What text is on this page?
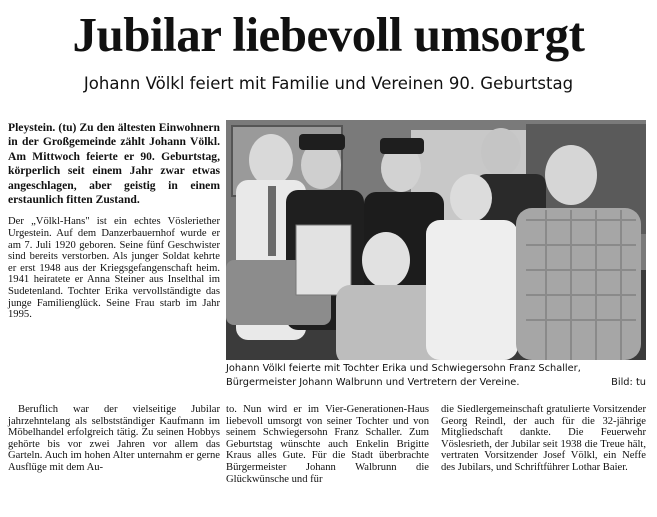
Jubilar liebevoll umsorgt
Johann Völkl feiert mit Familie und Vereinen 90. Geburtstag

Pleystein. (tu) Zu den ältesten Einwohnern in der Großgemeinde zählt Johann Völkl. Am Mittwoch feierte er 90. Geburtstag, körperlich seit einem Jahr zwar etwas angeschlagen, aber geistig in einem erstaunlich fitten Zustand.

Der „Völkl-Hans" ist ein echtes Vösleriether Urgestein. Auf dem Danzerbauernhof wurde er am 7. Juli 1920 geboren. Seine fünf Geschwister sind bereits verstorben. Als junger Soldat kehrte er erst 1948 aus der Kriegsgefangenschaft heim. 1941 heiratete er Anna Steiner aus Inselthal im Sudetenland. Tochter Erika vervollständigte das junge Familienglück. Seine Frau starb im Jahr 1995.

Johann Völkl feierte mit Tochter Erika und Schwiegersohn Franz Schaller, Bürgermeister Johann Walbrunn und Vertretern der Vereine.	Bild: tu

Beruflich war der vielseitige Jubilar jahrzehntelang als selbstständiger Kaufmann im Möbelhandel erfolgreich tätig. Zu seinen Hobbys gehörte bis vor zwei Jahren vor allem das Garteln. Auch im hohen Alter unternahm er gerne Ausflüge mit dem Au-

to. Nun wird er im Vier-Generationen-Haus liebevoll umsorgt von seiner Tochter und von seinem Schwiegersohn Franz Schaller. Zum Geburtstag wünschte auch Enkelin Brigitte Kraus alles Gute. Für die Stadt überbrachte Bürgermeister Johann Walbrunn die Glückwünsche und für

die Siedlergemeinschaft gratulierte Vorsitzender Georg Reindl, der auch für die 32-jährige Mitgliedschaft dankte. Die Feuerwehr Vöslesrieth, der Jubilar seit 1938 die Treue hält, vertraten Vorsitzender Josef Völkl, ein Neffe des Jubilars, und Schriftführer Lothar Baier.
